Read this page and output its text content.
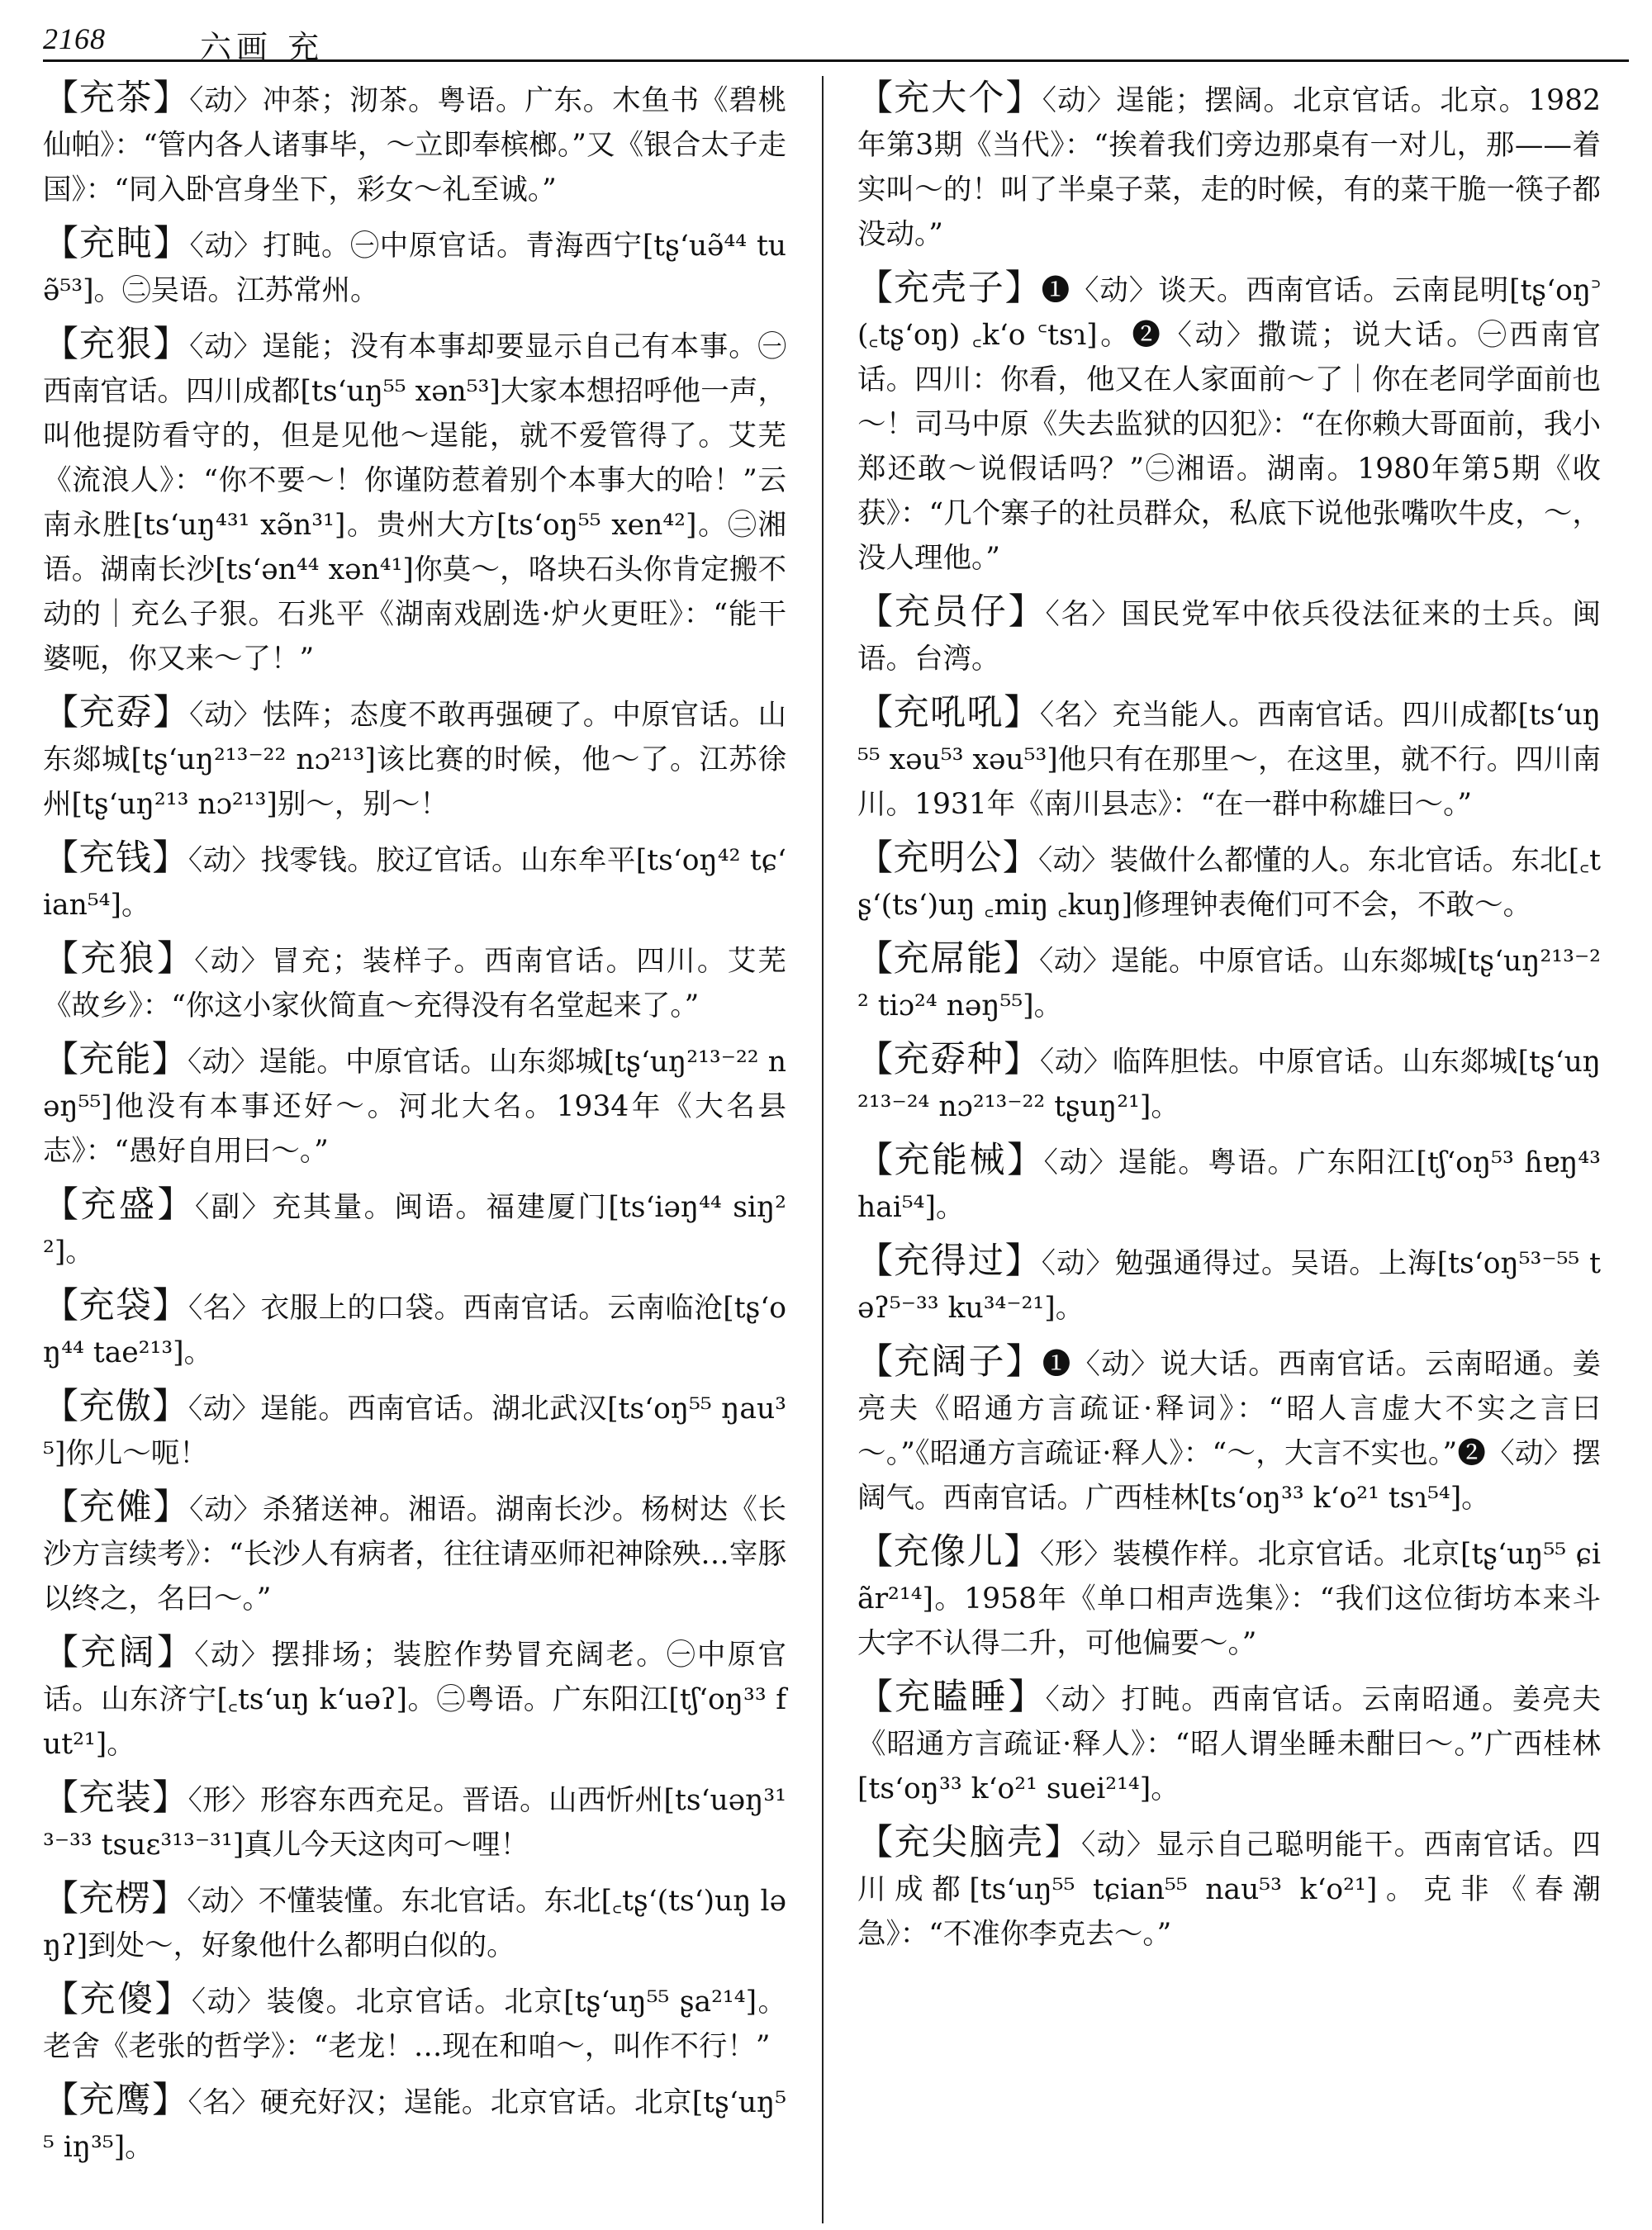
2168	六画 充

【充茶】〈动〉冲茶；沏茶。粤语。广东。木鱼书《碧桃仙帕》：“管内各人诸事毕，～立即奉槟榔。”又《银合太子走国》：“同入卧宫身坐下，彩女～礼至诚。”

【充盹】〈动〉打盹。㊀中原官话。青海西宁[tʂʻuə̃⁴⁴ tuə̃⁵³]。㊁吴语。江苏常州。

【充狠】〈动〉逞能；没有本事却要显示自己有本事。㊀西南官话。四川成都[tsʻuŋ⁵⁵ xən⁵³]大家本想招呼他一声，叫他提防看守的，但是见他～逞能，就不爱管得了。艾芜《流浪人》：“你不要～！你谨防惹着别个本事大的哈！”云南永胜[tsʻuŋ⁴³¹ xə̃n³¹]。贵州大方[tsʻoŋ⁵⁵ xen⁴²]。㊁湘语。湖南长沙[tsʻən⁴⁴ xən⁴¹]你莫～，咯块石头你肯定搬不动的｜充么子狠。石兆平《湖南戏剧选·炉火更旺》：“能干婆呃，你又来～了！”

【充孬】〈动〉怯阵；态度不敢再强硬了。中原官话。山东郯城[tʂʻuŋ²¹³⁻²² nɔ²¹³]该比赛的时候，他～了。江苏徐州[tʂʻuŋ²¹³ nɔ²¹³]别～，别～！

【充钱】〈动〉找零钱。胶辽官话。山东牟平[tsʻoŋ⁴² tɕʻian⁵⁴]。

【充狼】〈动〉冒充；装样子。西南官话。四川。艾芜《故乡》：“你这小家伙简直～充得没有名堂起来了。”

【充能】〈动〉逞能。中原官话。山东郯城[tʂʻuŋ²¹³⁻²² nəŋ⁵⁵]他没有本事还好～。河北大名。1934年《大名县志》：“愚好自用曰～。”

【充盛】〈副〉充其量。闽语。福建厦门[tsʻiəŋ⁴⁴ siŋ²²]。

【充袋】〈名〉衣服上的口袋。西南官话。云南临沧[tʂʻoŋ⁴⁴ tae²¹³]。

【充傲】〈动〉逞能。西南官话。湖北武汉[tsʻoŋ⁵⁵ ŋau³⁵]你儿～呃！

【充傩】〈动〉杀猪送神。湘语。湖南长沙。杨树达《长沙方言续考》：“长沙人有病者，往往请巫师祀神除殃…宰豚以终之，名曰～。”

【充阔】〈动〉摆排场；装腔作势冒充阔老。㊀中原官话。山东济宁[꜀tsʻuŋ kʻuəʔ]。㊁粤语。广东阳江[tʃʻoŋ³³ fut²¹]。

【充装】〈形〉形容东西充足。晋语。山西忻州[tsʻuəŋ³¹³⁻³³ tsuɛ³¹³⁻³¹]真儿今天这肉可～哩！

【充楞】〈动〉不懂装懂。东北官话。东北[꜀tʂʻ(tsʻ)uŋ ləŋʔ]到处～，好象他什么都明白似的。

【充傻】〈动〉装傻。北京官话。北京[tʂʻuŋ⁵⁵ ʂa²¹⁴]。老舍《老张的哲学》：“老龙！…现在和咱～，叫作不行！”

【充鹰】〈名〉硬充好汉；逞能。北京官话。北京[tʂʻuŋ⁵⁵ iŋ³⁵]。

【充大个】〈动〉逞能；摆阔。北京官话。北京。1982年第3期《当代》：“挨着我们旁边那桌有一对儿，那——着实叫～的！叫了半桌子菜，走的时候，有的菜干脆一筷子都没动。”

【充壳子】❶〈动〉谈天。西南官话。云南昆明[tʂʻoŋ꜄ (꜀tʂʻoŋ) ꜀kʻo ꜂tsɿ]。❷〈动〉撒谎；说大话。㊀西南官话。四川：你看，他又在人家面前～了｜你在老同学面前也～！司马中原《失去监狱的囚犯》：“在你赖大哥面前，我小郑还敢～说假话吗？”㊁湘语。湖南。1980年第5期《收获》：“几个寨子的社员群众，私底下说他张嘴吹牛皮，～，没人理他。”

【充员仔】〈名〉国民党军中依兵役法征来的士兵。闽语。台湾。

【充吼吼】〈名〉充当能人。西南官话。四川成都[tsʻuŋ⁵⁵ xəu⁵³ xəu⁵³]他只有在那里～，在这里，就不行。四川南川。1931年《南川县志》：“在一群中称雄曰～。”

【充明公】〈动〉装做什么都懂的人。东北官话。东北[꜀tʂʻ(tsʻ)uŋ ꜀miŋ ꜀kuŋ]修理钟表俺们可不会，不敢～。

【充屌能】〈动〉逞能。中原官话。山东郯城[tʂʻuŋ²¹³⁻²² tiɔ²⁴ nəŋ⁵⁵]。

【充孬种】〈动〉临阵胆怯。中原官话。山东郯城[tʂʻuŋ²¹³⁻²⁴ nɔ²¹³⁻²² tʂuŋ²¹]。

【充能械】〈动〉逞能。粤语。广东阳江[tʃʻoŋ⁵³ ɦɐŋ⁴³ hai⁵⁴]。

【充得过】〈动〉勉强通得过。吴语。上海[tsʻoŋ⁵³⁻⁵⁵ təʔ⁵⁻³³ ku³⁴⁻²¹]。

【充阔子】❶〈动〉说大话。西南官话。云南昭通。姜亮夫《昭通方言疏证·释词》：“昭人言虚大不实之言曰～。”《昭通方言疏证·释人》：“～，大言不实也。”❷〈动〉摆阔气。西南官话。广西桂林[tsʻoŋ³³ kʻo²¹ tsɿ⁵⁴]。

【充像儿】〈形〉装模作样。北京官话。北京[tʂʻuŋ⁵⁵ ɕiãr²¹⁴]。1958年《单口相声选集》：“我们这位街坊本来斗大字不认得二升，可他偏要～。”

【充瞌睡】〈动〉打盹。西南官话。云南昭通。姜亮夫《昭通方言疏证·释人》：“昭人谓坐睡未酣曰～。”广西桂林[tsʻoŋ³³ kʻo²¹ suei²¹⁴]。

【充尖脑壳】〈动〉显示自己聪明能干。西南官话。四川成都[tsʻuŋ⁵⁵ tɕian⁵⁵ nau⁵³ kʻo²¹]。克非《春潮急》：“不准你李克去～。”
